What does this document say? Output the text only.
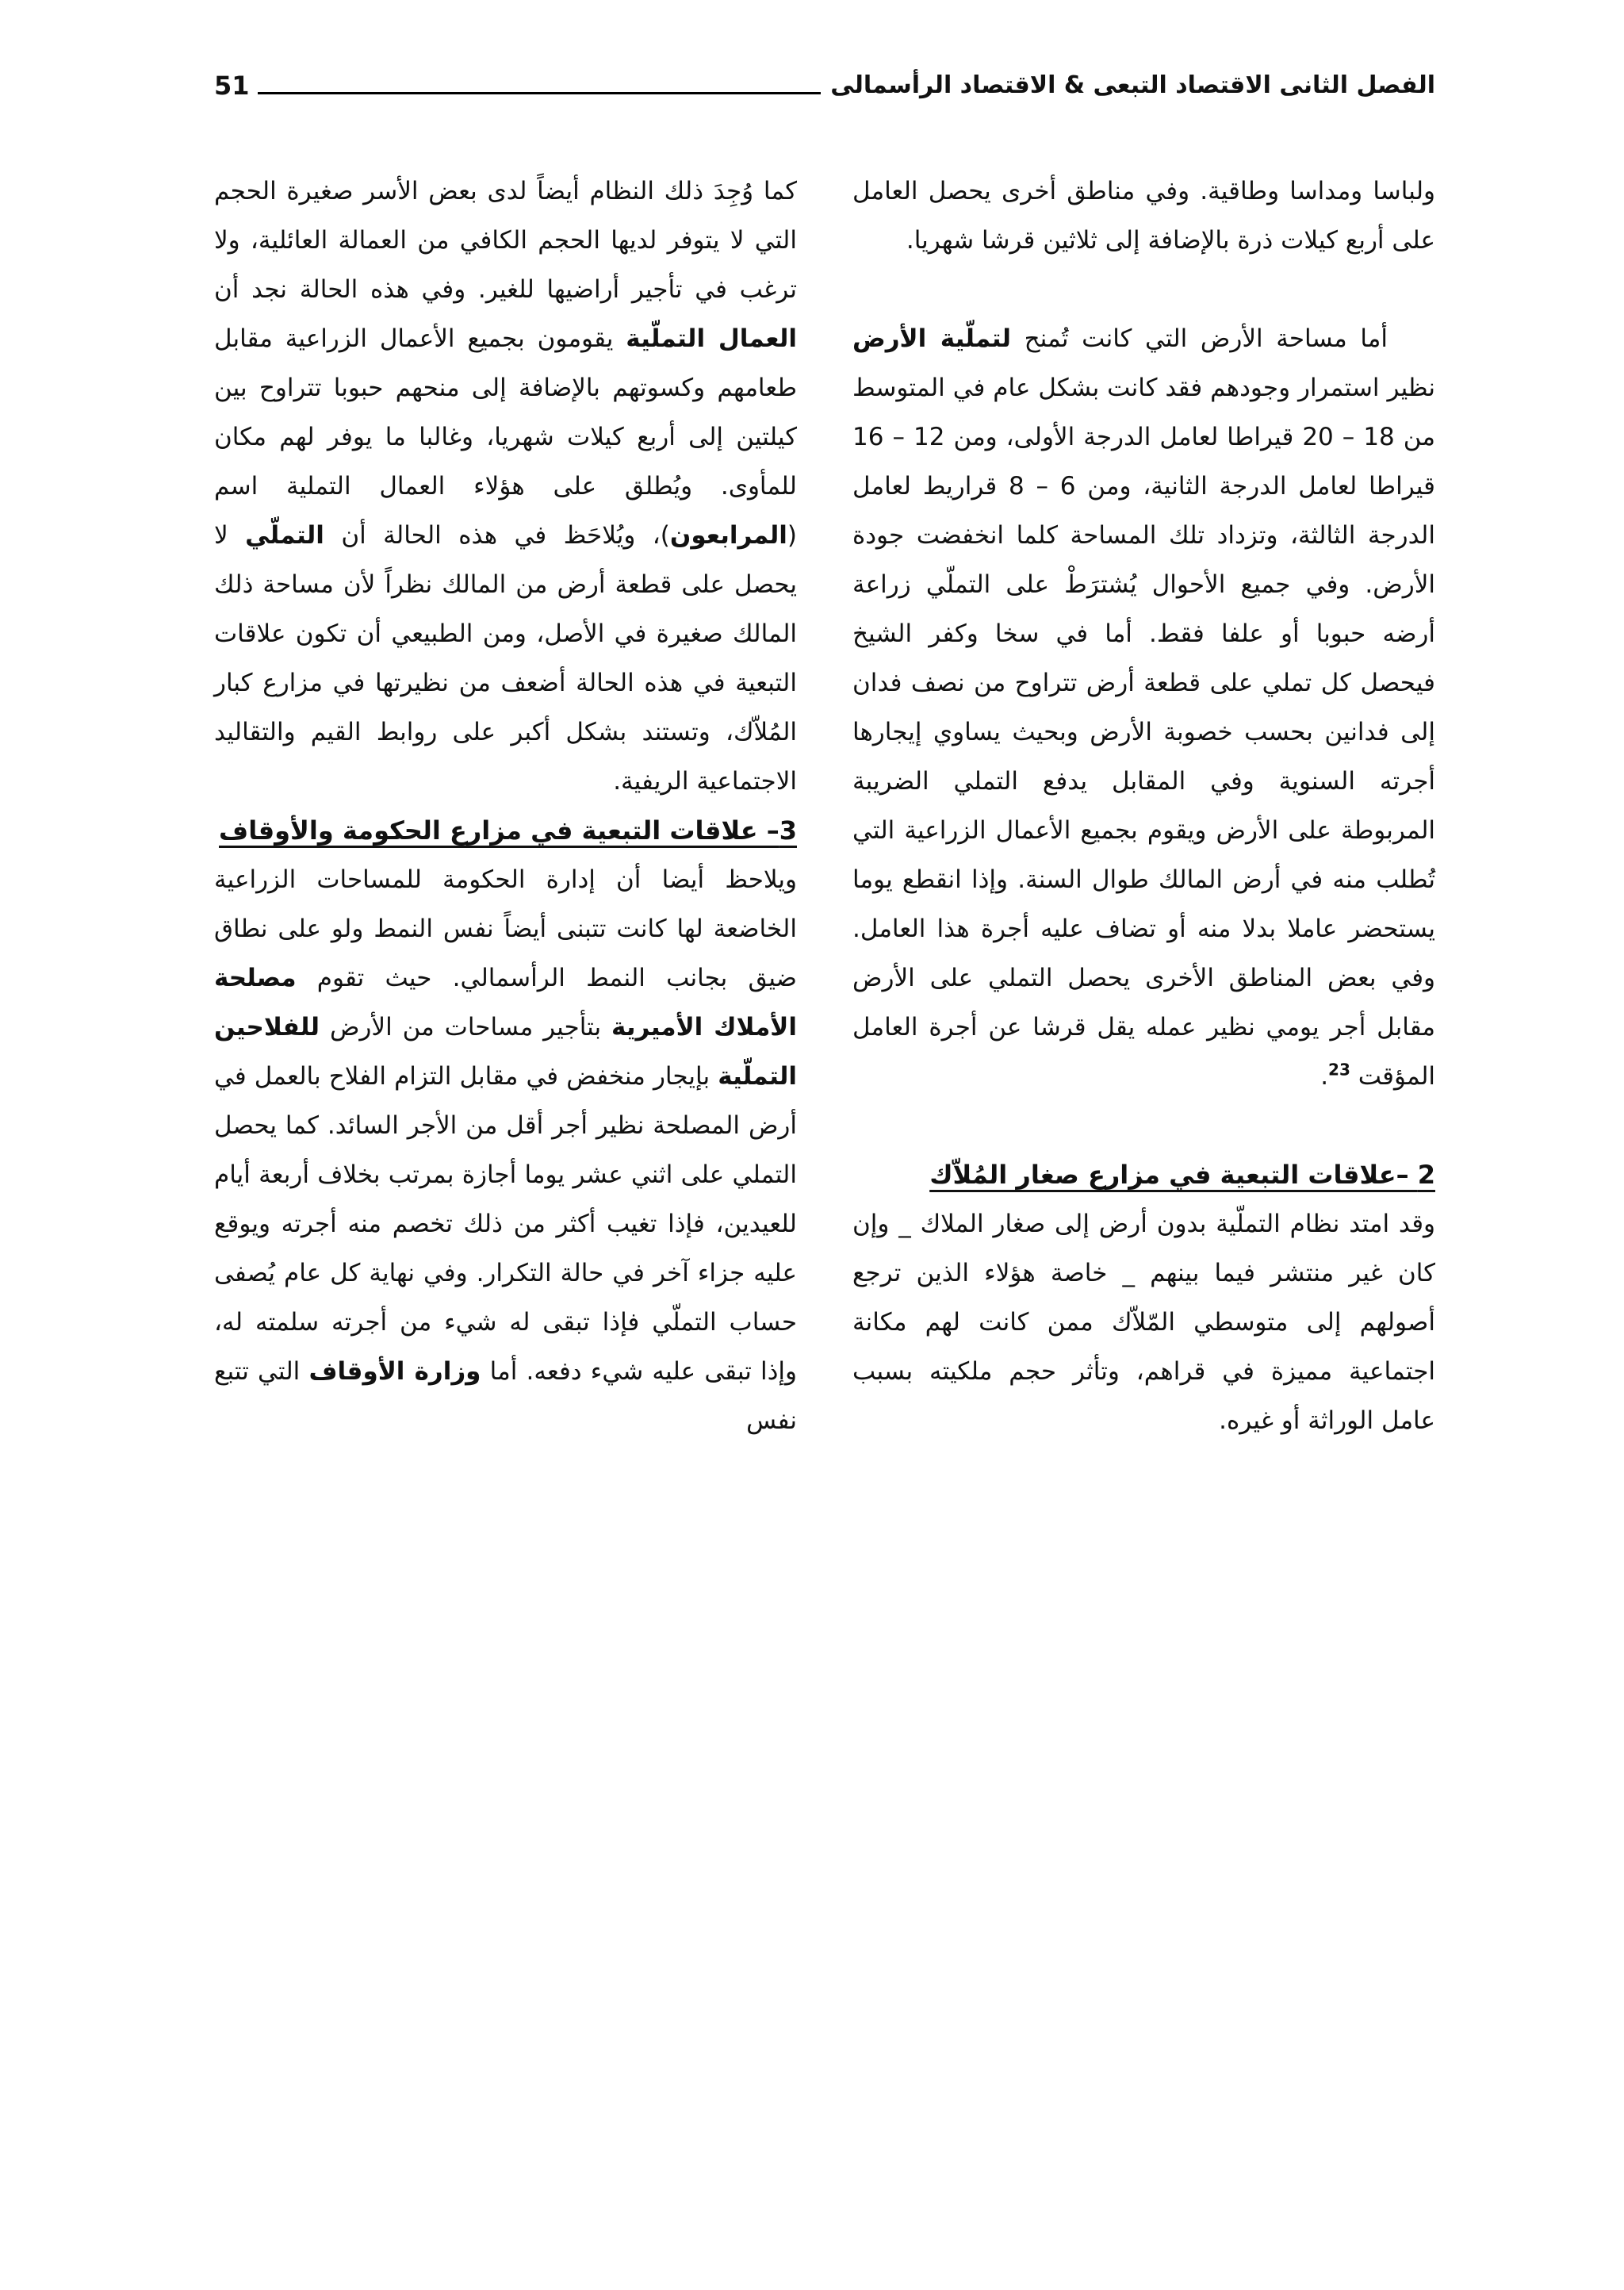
الفصل الثانى الاقتصاد التبعى & الاقتصاد الرأسمالى
51

ولباسا ومداسا وطاقية. وفي مناطق أخرى يحصل العامل على أربع كيلات ذرة بالإضافة إلى ثلاثين قرشا شهريا.

أما مساحة الأرض التي كانت تُمنح لتملّية الأرض نظير استمرار وجودهم فقد كانت بشكل عام في المتوسط من 18 – 20 قيراطا لعامل الدرجة الأولى، ومن 12 – 16 قيراطا لعامل الدرجة الثانية، ومن 6 – 8 قراريط لعامل الدرجة الثالثة، وتزداد تلك المساحة كلما انخفضت جودة الأرض. وفي جميع الأحوال يُشترَطْ على التملّي زراعة أرضه حبوبا أو علفا فقط. أما في سخا وكفر الشيخ فيحصل كل تملي على قطعة أرض تتراوح من نصف فدان إلى فدانين بحسب خصوبة الأرض وبحيث يساوي إيجارها أجرته السنوية وفي المقابل يدفع التملي الضريبة المربوطة على الأرض ويقوم بجميع الأعمال الزراعية التي تُطلب منه في أرض المالك طوال السنة. وإذا انقطع يوما يستحضر عاملا بدلا منه أو تضاف عليه أجرة هذا العامل. وفي بعض المناطق الأخرى يحصل التملي على الأرض مقابل أجر يومي نظير عمله يقل قرشا عن أجرة العامل المؤقت $^{23}$.

2 –علاقات التبعية في مزارع صغار المُلاّك

وقد امتد نظام التملّية بدون أرض إلى صغار الملاك _ وإن كان غير منتشر فيما بينهم _ خاصة هؤلاء الذين ترجع أصولهم إلى متوسطي المّلاّك ممن كانت لهم مكانة اجتماعية مميزة في قراهم، وتأثر حجم ملكيته بسبب عامل الوراثة أو غيره.

كما وُجِدَ ذلك النظام أيضاً لدى بعض الأسر صغيرة الحجم التي لا يتوفر لديها الحجم الكافي من العمالة العائلية، ولا ترغب في تأجير أراضيها للغير. وفي هذه الحالة نجد أن العمال التملّية يقومون بجميع الأعمال الزراعية مقابل طعامهم وكسوتهم بالإضافة إلى منحهم حبوبا تتراوح بين كيلتين إلى أربع كيلات شهريا، وغالبا ما يوفر لهم مكان للمأوى. ويُطلق على هؤلاء العمال التملية اسم (المرابعون)، ويُلاحَظ في هذه الحالة أن التملّي لا يحصل على قطعة أرض من المالك نظراً لأن مساحة ذلك المالك صغيرة في الأصل، ومن الطبيعي أن تكون علاقات التبعية في هذه الحالة أضعف من نظيرتها في مزارع كبار المُلاّك، وتستند بشكل أكبر على روابط القيم والتقاليد الاجتماعية الريفية.

3– علاقات التبعية في مزارع الحكومة والأوقاف

ويلاحظ أيضا أن إدارة الحكومة للمساحات الزراعية الخاضعة لها كانت تتبنى أيضاً نفس النمط ولو على نطاق ضيق بجانب النمط الرأسمالي. حيث تقوم مصلحة الأملاك الأميرية بتأجير مساحات من الأرض للفلاحين التملّية بإيجار منخفض في مقابل التزام الفلاح بالعمل في أرض المصلحة نظير أجر أقل من الأجر السائد. كما يحصل التملي على اثني عشر يوما أجازة بمرتب بخلاف أربعة أيام للعيدين، فإذا تغيب أكثر من ذلك تخصم منه أجرته ويوقع عليه جزاء آخر في حالة التكرار. وفي نهاية كل عام يُصفى حساب التملّي فإذا تبقى له شيء من أجرته سلمته له، وإذا تبقى عليه شيء دفعه. أما وزارة الأوقاف التي تتبع نفس
